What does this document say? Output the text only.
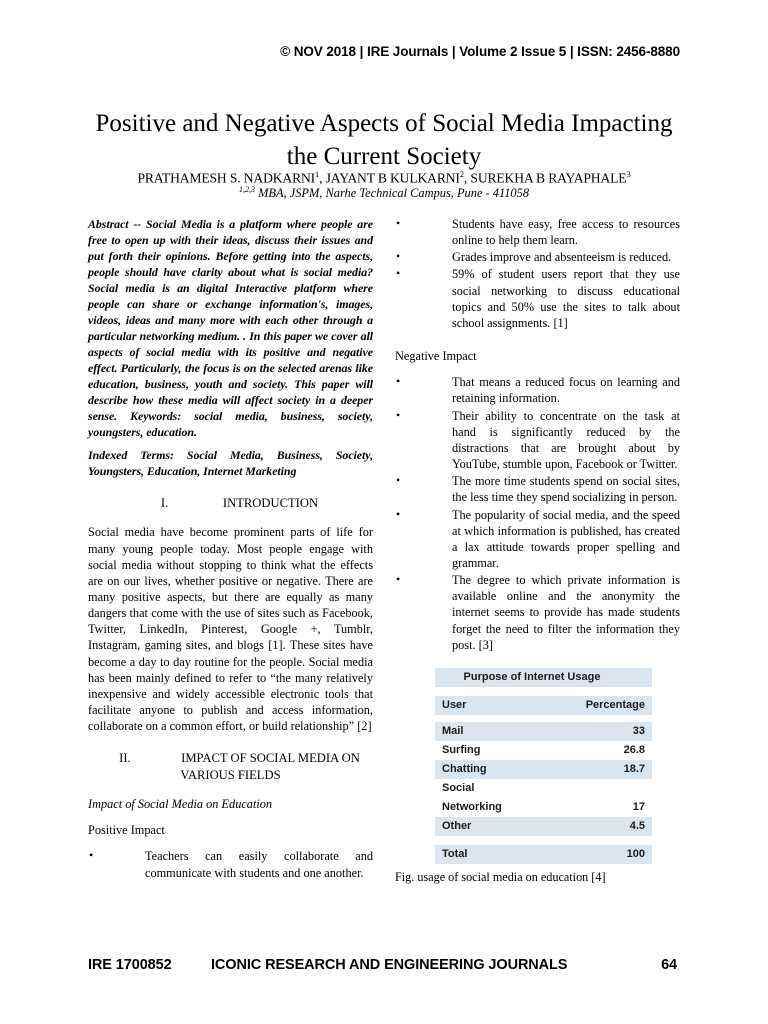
© NOV 2018 | IRE Journals | Volume 2 Issue 5 | ISSN: 2456-8880
Positive and Negative Aspects of Social Media Impacting the Current Society
PRATHAMESH S. NADKARNI$^1$, JAYANT B KULKARNI$^2$, SUREKHA B RAYAPHALE$^3$
$^{1,2,3}$ MBA, JSPM, Narhe Technical Campus, Pune - 411058

Abstract -- Social Media is a platform where people are free to open up with their ideas, discuss their issues and put forth their opinions. Before getting into the aspects, people should have clarity about what is social media? Social media is an digital Interactive platform where people can share or exchange information's, images, videos, ideas and many more with each other through a particular networking medium. . In this paper we cover all aspects of social media with its positive and negative effect. Particularly, the focus is on the selected arenas like education, business, youth and society. This paper will describe how these media will affect society in a deeper sense. Keywords: social media, business, society, youngsters, education.

Indexed Terms: Social Media, Business, Society, Youngsters, Education, Internet Marketing

I.	INTRODUCTION

Social media have become prominent parts of life for many young people today. Most people engage with social media without stopping to think what the effects are on our lives, whether positive or negative. There are many positive aspects, but there are equally as many dangers that come with the use of sites such as Facebook, Twitter, LinkedIn, Pinterest, Google +, Tumblr, Instagram, gaming sites, and blogs [1]. These sites have become a day to day routine for the people. Social media has been mainly defined to refer to “the many relatively inexpensive and widely accessible electronic tools that facilitate anyone to publish and access information, collaborate on a common effort, or build relationship” [2]

II.	IMPACT OF SOCIAL MEDIA ON
VARIOUS FIELDS

Impact of Social Media on Education

Positive Impact

•	Teachers can easily collaborate and communicate with students and one another.
•	Students have easy, free access to resources online to help them learn.
•	Grades improve and absenteeism is reduced.
•	59% of student users report that they use social networking to discuss educational topics and 50% use the sites to talk about school assignments. [1]

Negative Impact

•	That means a reduced focus on learning and retaining information.
•	Their ability to concentrate on the task at hand is significantly reduced by the distractions that are brought about by YouTube, stumble upon, Facebook or Twitter.
•	The more time students spend on social sites, the less time they spend socializing in person.
•	The popularity of social media, and the speed at which information is published, has created a lax attitude towards proper spelling and grammar.
•	The degree to which private information is available online and the anonymity the internet seems to provide has made students forget the need to filter the information they post. [3]
Purpose of Internet Usage	

User	Percentage

Mail	33
Surfing	26.8
Chatting	18.7
Social	
Networking	17
Other	4.5

Total	100

Fig. usage of social media on education [4]

IRE 1700852	ICONIC RESEARCH AND ENGINEERING JOURNALS	64
